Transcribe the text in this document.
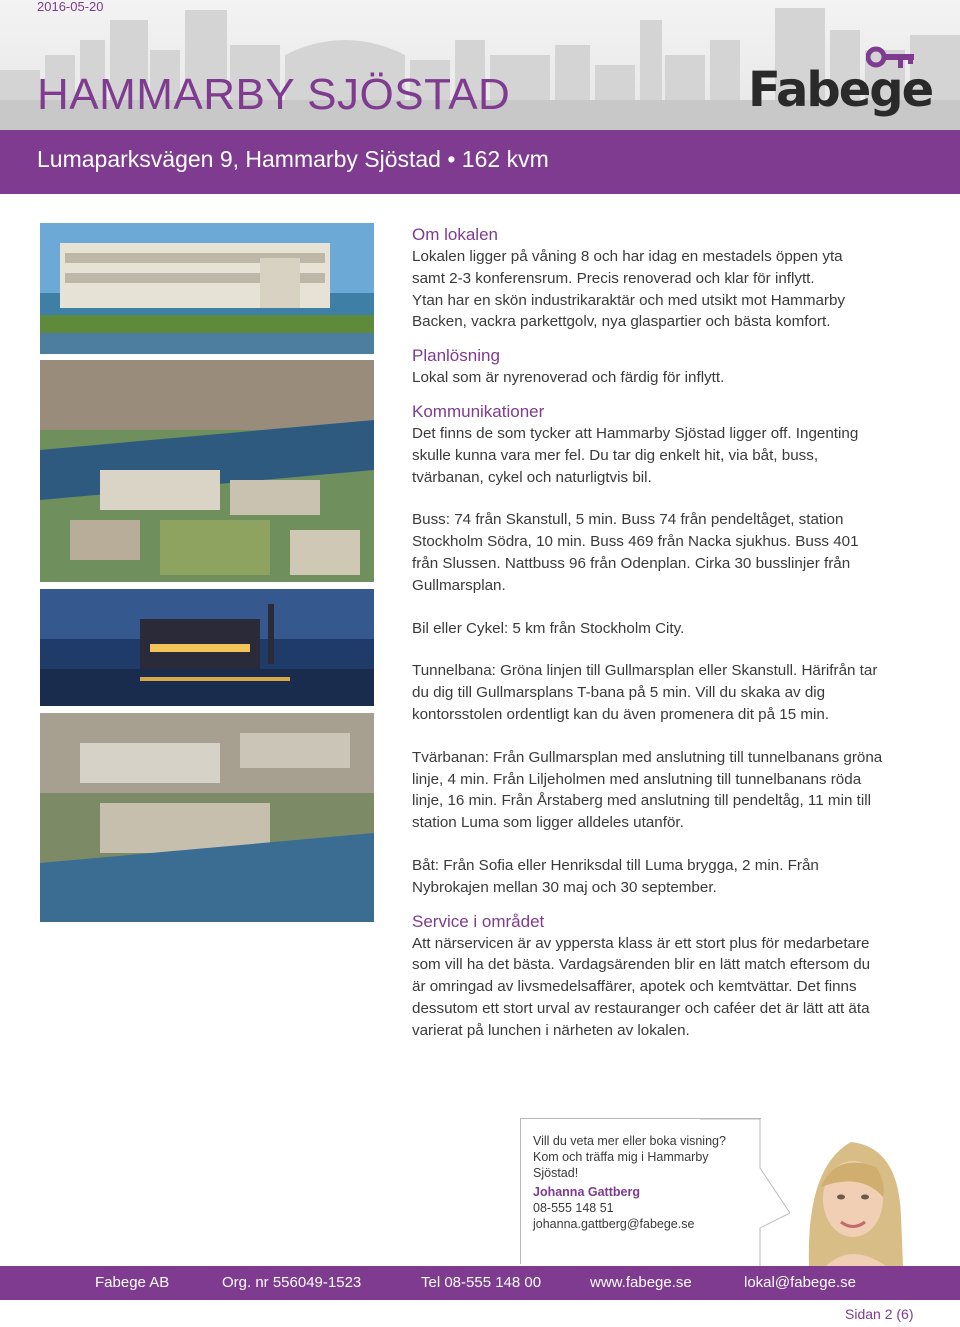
2016-05-20
HAMMARBY SJÖSTAD	Fabege
Lumaparksvägen 9, Hammarby Sjöstad • 162 kvm
Om lokalen

Lokalen ligger på våning 8 och har idag en mestadels öppen yta
samt 2-3 konferensrum. Precis renoverad och klar för inflytt.
Ytan har en skön industrikaraktär och med utsikt mot Hammarby
Backen, vackra parkettgolv, nya glaspartier och bästa komfort.

Planlösning

Lokal som är nyrenoverad och färdig för inflytt.

Kommunikationer

Det finns de som tycker att Hammarby Sjöstad ligger off. Ingenting
skulle kunna vara mer fel. Du tar dig enkelt hit, via båt, buss,
tvärbanan, cykel och naturligtvis bil.

Buss: 74 från Skanstull, 5 min. Buss 74 från pendeltåget, station
Stockholm Södra, 10 min. Buss 469 från Nacka sjukhus. Buss 401
från Slussen. Nattbuss 96 från Odenplan. Cirka 30 busslinjer från
Gullmarsplan.

Bil eller Cykel: 5 km från Stockholm City.

Tunnelbana: Gröna linjen till Gullmarsplan eller Skanstull. Härifrån tar
du dig till Gullmarsplans T-bana på 5 min. Vill du skaka av dig
kontorsstolen ordentligt kan du även promenera dit på 15 min.

Tvärbanan: Från Gullmarsplan med anslutning till tunnelbanans gröna
linje, 4 min. Från Liljeholmen med anslutning till tunnelbanans röda
linje, 16 min. Från Årstaberg med anslutning till pendeltåg, 11 min till
station Luma som ligger alldeles utanför.

Båt: Från Sofia eller Henriksdal till Luma brygga, 2 min. Från
Nybrokajen mellan 30 maj och 30 september.

Service i området

Att närservicen är av yppersta klass är ett stort plus för medarbetare
som vill ha det bästa. Vardagsärenden blir en lätt match eftersom du
är omringad av livsmedelsaffärer, apotek och kemtvättar. Det finns
dessutom ett stort urval av restauranger och caféer det är lätt att äta
varierat på lunchen i närheten av lokalen.

Vill du veta mer eller boka visning?
Kom och träffa mig i Hammarby
Sjöstad!
Johanna Gattberg
08-555 148 51
johanna.gattberg@fabege.se
Fabege AB	Org. nr 556049-1523	Tel 08-555 148 00	www.fabege.se	lokal@fabege.se
Sidan 2 (6)
